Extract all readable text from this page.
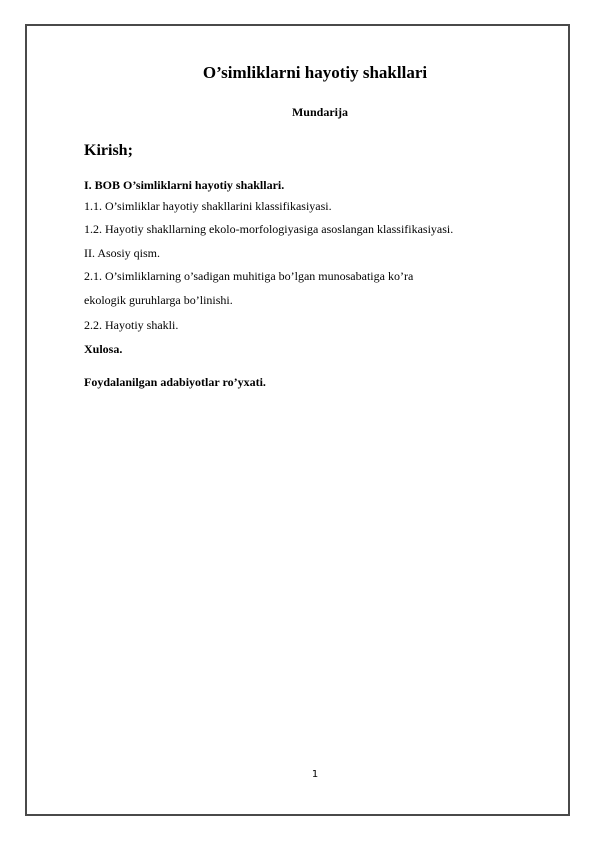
O’simliklarni hayotiy shakllari
Mundarija
Kirish;
I. BOB O’simliklarni hayotiy shakllari.
1.1. O’simliklar hayotiy shakllarini klassifikasiyasi.
1.2. Hayotiy shakllarning ekolo-morfologiyasiga asoslangan klassifikasiyasi.
II. Asosiy qism.
2.1. O’simliklarning o’sadigan muhitiga bo’lgan munosabatiga ko’ra
ekologik guruhlarga bo’linishi.
2.2. Hayotiy shakli.
Xulosa.
Foydalanilgan adabiyotlar ro’yxati.
1
